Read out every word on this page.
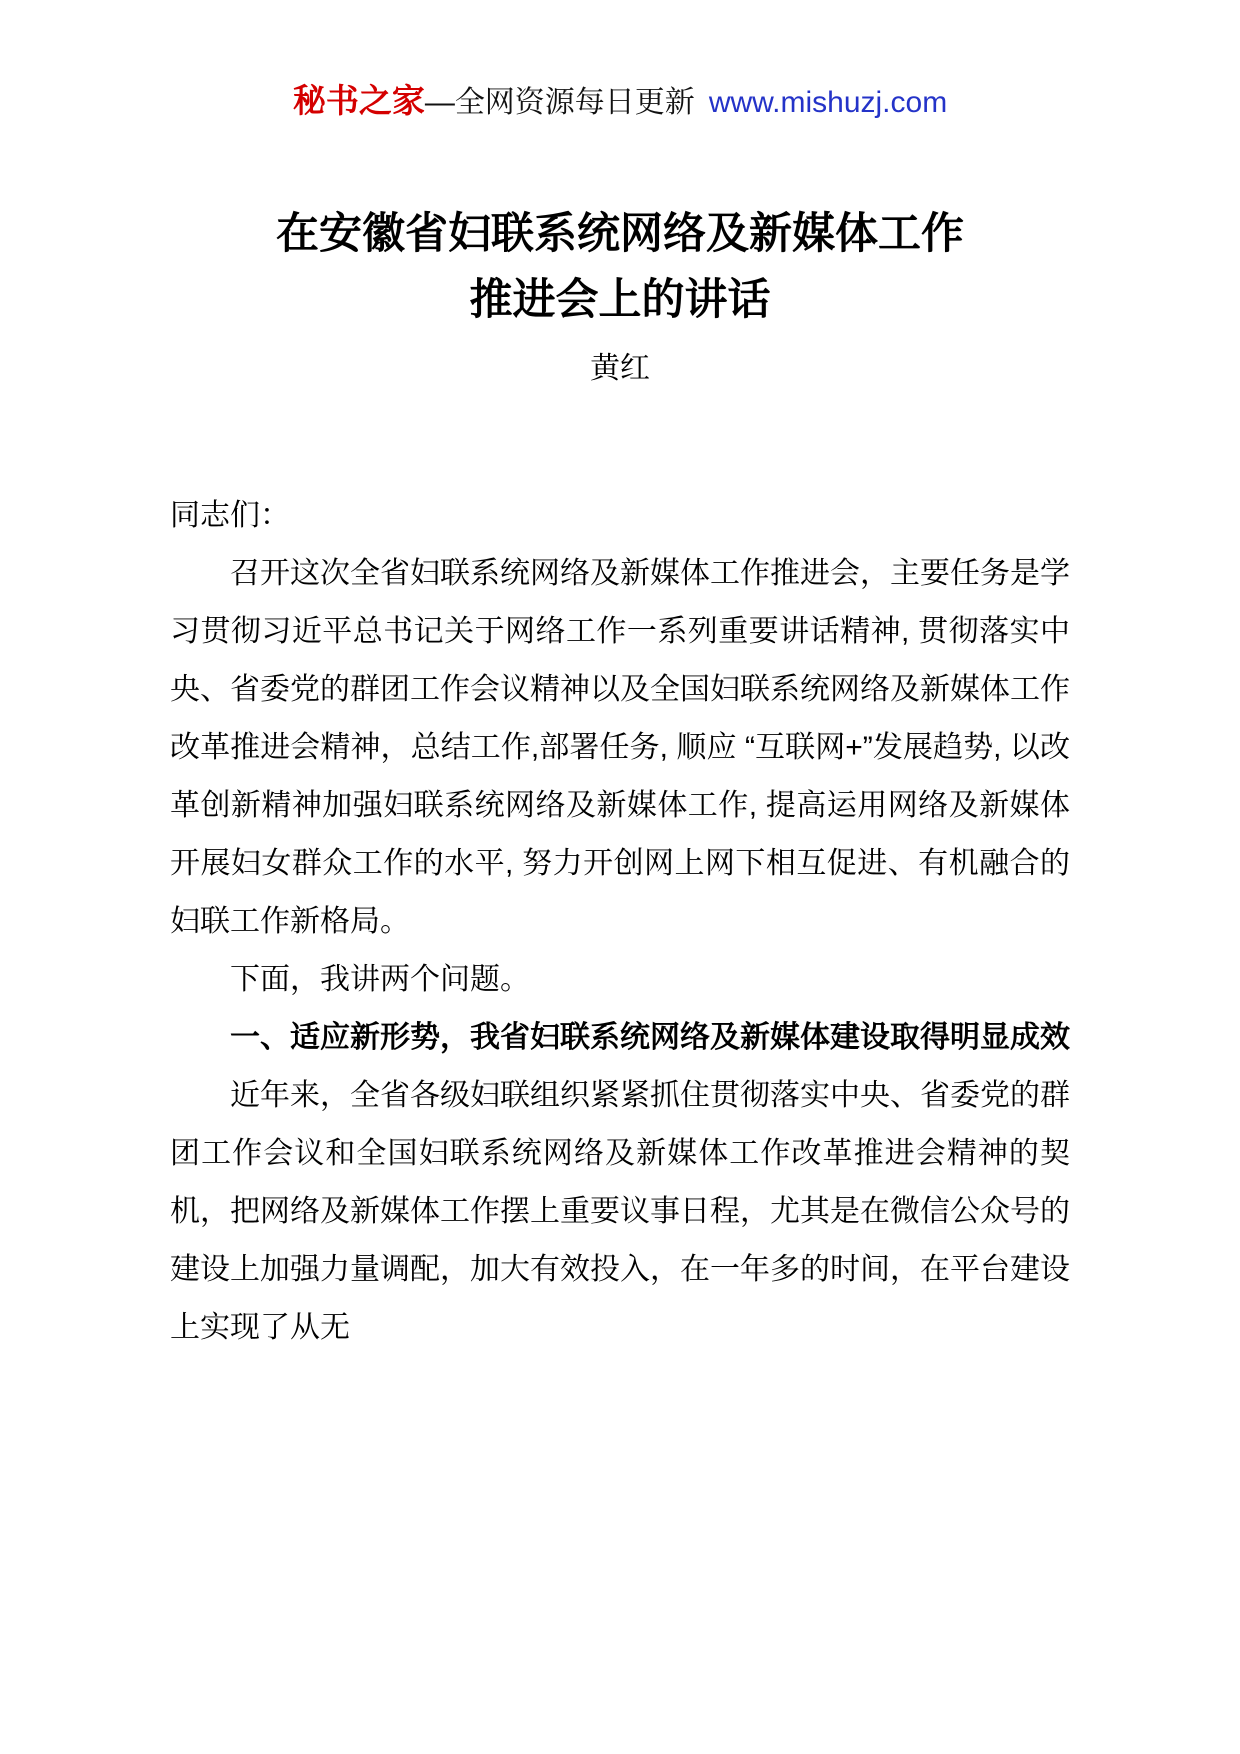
秘书之家—全网资源每日更新 www.mishuzj.com
在安徽省妇联系统网络及新媒体工作
推进会上的讲话
黄红

同志们：

召开这次全省妇联系统网络及新媒体工作推进会，主要任务是学习贯彻习近平总书记关于网络工作一系列重要讲话精神, 贯彻落实中央、省委党的群团工作会议精神以及全国妇联系统网络及新媒体工作改革推进会精神，总结工作,部署任务, 顺应 “互联网+”发展趋势, 以改革创新精神加强妇联系统网络及新媒体工作, 提高运用网络及新媒体开展妇女群众工作的水平, 努力开创网上网下相互促进、有机融合的妇联工作新格局。

下面，我讲两个问题。

一、适应新形势，我省妇联系统网络及新媒体建设取得明显成效

近年来，全省各级妇联组织紧紧抓住贯彻落实中央、省委党的群团工作会议和全国妇联系统网络及新媒体工作改革推进会精神的契机，把网络及新媒体工作摆上重要议事日程，尤其是在微信公众号的建设上加强力量调配，加大有效投入，在一年多的时间，在平台建设上实现了从无
